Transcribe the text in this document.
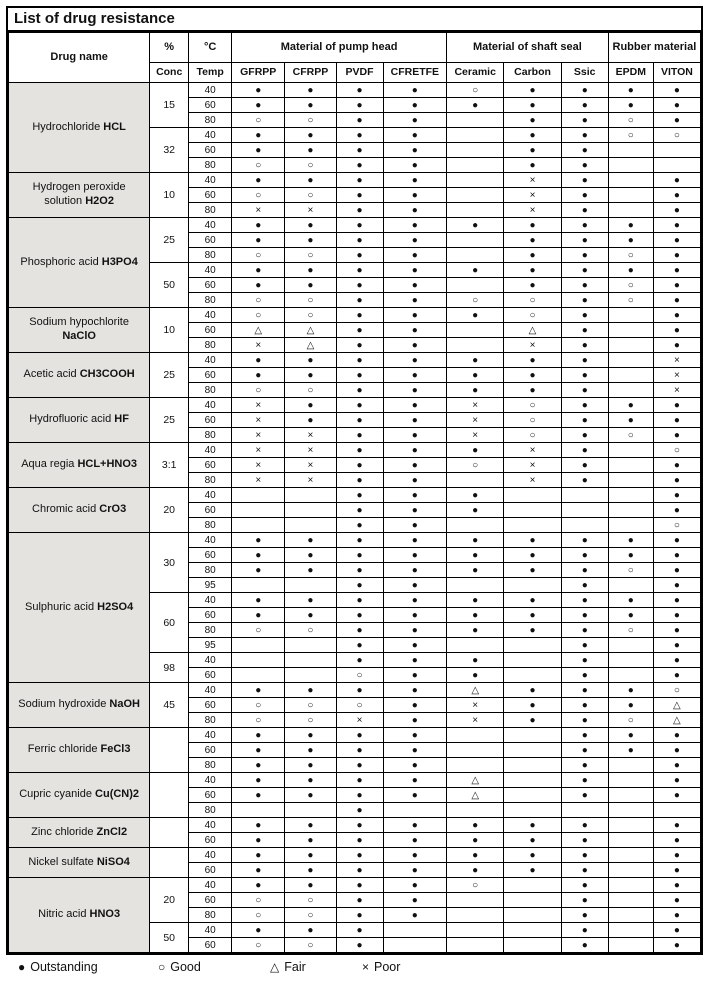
List of drug resistance
Drug name	%	°C	Material of pump head				Material of shaft seal			Rubber material	
	Conc	Temp	GFRPP	CFRPP	PVDF	CFRETFE	Ceramic	Carbon	Ssic	EPDM	VITON
Hydrochloride HCL	15	40	●	●	●	●	○	●	●	●	●
		60	●	●	●	●	●	●	●	●	●
		80	○	○	●	●		●	●	○	●
	32	40	●	●	●	●		●	●	○	○
		60	●	●	●	●		●	●		
		80	○	○	●	●		●	●		
Hydrogen peroxide solution H2O2	10	40	●	●	●	●		×	●		●
		60	○	○	●	●		×	●		●
		80	×	×	●	●		×	●		●
Phosphoric acid H3PO4	25	40	●	●	●	●	●	●	●	●	●
		60	●	●	●	●		●	●	●	●
		80	○	○	●	●		●	●	○	●
	50	40	●	●	●	●	●	●	●	●	●
		60	●	●	●	●		●	●	○	●
		80	○	○	●	●	○	○	●	○	●
Sodium hypochlorite NaClO	10	40	○	○	●	●	●	○	●		●
		60	△	△	●	●		△	●		●
		80	×	△	●	●		×	●		●
Acetic acid CH3COOH	25	40	●	●	●	●	●	●	●		×
		60	●	●	●	●	●	●	●		×
		80	○	○	●	●	●	●	●		×
Hydrofluoric acid HF	25	40	×	●	●	●	×	○	●	●	●
		60	×	●	●	●	×	○	●	●	●
		80	×	×	●	●	×	○	●	○	●
Aqua regia HCL+HNO3	3:1	40	×	×	●	●	●	×	●		○
		60	×	×	●	●	○	×	●		●
		80	×	×	●	●		×	●		●
Chromic acid CrO3	20	40			●	●	●				●
		60			●	●	●				●
		80			●	●					○
Sulphuric acid H2SO4	30	40	●	●	●	●	●	●	●	●	●
		60	●	●	●	●	●	●	●	●	●
		80	●	●	●	●	●	●	●	○	●
		95			●	●			●		●
	60	40	●	●	●	●	●	●	●	●	●
		60	●	●	●	●	●	●	●	●	●
		80	○	○	●	●	●	●	●	○	●
		95			●	●			●		●
	98	40			●	●	●		●		●
		60			○	●	●		●		●
Sodium hydroxide NaOH	45	40	●	●	●	●	△	●	●	●	○
		60	○	○	○	●	×	●	●	●	△
		80	○	○	×	●	×	●	●	○	△
Ferric chloride FeCl3		40	●	●	●	●			●	●	●
		60	●	●	●	●			●	●	●
		80	●	●	●	●			●		●
Cupric cyanide Cu(CN)2		40	●	●	●	●	△		●		●
		60	●	●	●	●	△		●		●
		80			●						
Zinc chloride ZnCl2		40	●	●	●	●	●	●	●		●
		60	●	●	●	●	●	●	●		●
Nickel sulfate NiSO4		40	●	●	●	●	●	●	●		●
		60	●	●	●	●	●	●	●		●
Nitric acid HNO3	20	40	●	●	●	●	○		●		●
		60	○	○	●	●			●		●
		80	○	○	●	●			●		●
	50	40	●	●	●				●		●
		60	○	○	●				●		●
● Outstanding	○ Good	△ Fair	× Poor
